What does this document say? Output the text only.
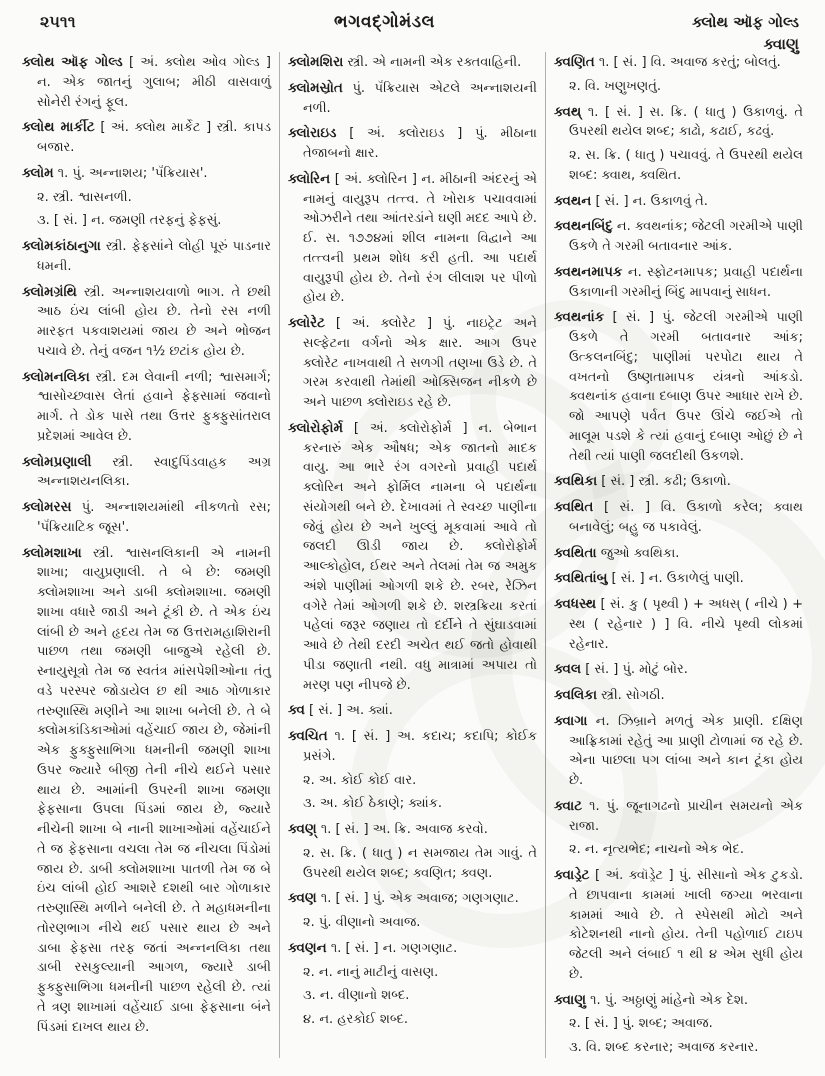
૨૫૧૧	ભગવદ્ગોમંડલ	ક્લોથ ઑફ ગોલ્ડ
ક્વાણુ

ક્લોથ ઑફ ગોલ્ડ [ અં. ક્લોથ ઓવ ગોલ્ડ ] ન. એક જાતનું ગુલાબ; મીઠી વાસવાળું સોનેરી રંગનું ફૂલ.

ક્લોથ માર્કીટ [ અં. ક્લોથ માર્કેટ ] સ્ત્રી. કાપડ બજાર.

ક્લોમ ૧. પું. અન્નાશય; 'પૅંક્રિયાસ'.

૨. સ્ત્રી. શ્વાસનળી.

૩. [ સં. ] ન. જમણી તરફનું ફેફસું.

ક્લોમકાંઠાનુગા સ્ત્રી. ફેફસાંને લોહી પૂરું પાડનાર ધમની.

ક્લોમગ્રંથિ સ્ત્રી. અન્નાશયવાળો ભાગ. તે છથી આઠ ઇંચ લાંબી હોય છે. તેનો રસ નળી મારફત પકવાશયમાં જાય છે અને ભોજન પચાવે છે. તેનું વજન ૧½ છટાંક હોય છે.

ક્લોમનલિકા સ્ત્રી. દમ લેવાની નળી; શ્વાસમાર્ગ; શ્વાસોચ્છ્વાસ લેતાં હવાને ફેફસામાં જવાનો માર્ગ. તે ડોક પાસે તથા ઉત્તર ફુક્ફુસાંતરાલ પ્રદેશમાં આવેલ છે.

ક્લોમપ્રણાલી સ્ત્રી. સ્વાદુપિંડવાહક અગ્ર અન્નાશયનલિકા.

ક્લોમરસ પું. અન્નાશયમાંથી નીકળતો રસ; 'પૅંક્રિયાટિક જૂસ'.

ક્લોમશાખા સ્ત્રી. શ્વાસનલિકાની એ નામની શાખા; વાયુપ્રણાલી. તે બે છે: જમણી ક્લોમશાખા અને ડાબી ક્લોમશાખા. જમણી શાખા વધારે જાડી અને ટૂંકી છે. તે એક ઇંચ લાંબી છે અને હૃદય તેમ જ ઉત્તરામહાશિરાની પાછળ તથા જમણી બાજુએ રહેલી છે. સ્નાયુસૂત્રો તેમ જ સ્વતંત્ર માંસપેશીઓના તંતુ વડે પરસ્પર જોડાયેલ છ થી આઠ ગોળાકાર તરુણાસ્થિ મણીને આ શાખા બનેલી છે. તે બે ક્લોમકાંડિકાઓમાં વહેંચાઈ જાય છે, જેમાંની એક ફુક્ફુસાભિગા ધમનીની જમણી શાખા ઉપર જ્યારે બીજી તેની નીચે થઈને પસાર થાય છે. આમાંની ઉપરની શાખા જમણા ફેફસાના ઉપલા પિંડમાં જાય છે, જ્યારે નીચેની શાખા બે નાની શાખાઓમાં વહેંચાઈને તે જ ફેફસાના વચલા તેમ જ નીચલા પિંડોમાં જાય છે. ડાબી ક્લોમશાખા પાતળી તેમ જ બે ઇંચ લાંબી હોઈ આશરે દશથી બાર ગોળાકાર તરુણાસ્થિ મળીને બનેલી છે. તે મહાધમનીના તોરણભાગ નીચે થઈ પસાર થાય છે અને ડાબા ફેફસા તરફ જતાં અન્નનલિકા તથા ડાબી રસકુલ્યાની આગળ, જ્યારે ડાબી ફુક્ફુસાભિગા ધમનીની પાછળ રહેલી છે. ત્યાં તે ત્રણ શાખામાં વહેંચાઈ ડાબા ફેફસાના બંને પિંડમાં દાખલ થાય છે.

ક્લોમશિરા સ્ત્રી. એ નામની એક રક્તવાહિની.

ક્લોમસ્રોત પું. પૅંક્રિયાસ એટલે અન્નાશયની નળી.

ક્લોરાઇડ [ અં. ક્લોરાઇડ ] પું. મીઠાના તેજાબનો ક્ષાર.

ક્લોરિન [ અં. ક્લોરિન ] ન. મીઠાની અંદરનું એ નામનું વાયુરૂપ તત્ત્વ. તે ખોરાક પચાવવામાં ઓઝરીને તથા આંતરડાંને ઘણી મદદ આપે છે. ઈ. સ. ૧૭૭૪માં શીલ નામના વિદ્વાને આ તત્ત્વની પ્રથમ શોધ કરી હતી. આ પદાર્થ વાયુરૂપી હોય છે. તેનો રંગ લીલાશ પર પીળો હોય છે.

ક્લોરેટ [ અં. ક્લોરેટ ] પું. નાઇટ્રેટ અને સલ્ફેટના વર્ગનો એક ક્ષાર. આગ ઉપર ક્લોરેટ નાખવાથી તે સળગી તણખા ઉડે છે. તે ગરમ કરવાથી તેમાંથી ઓક્સિજન નીકળે છે અને પાછળ ક્લોરાઇડ રહે છે.

ક્લોરોફોર્મ [ અં. ક્લોરોફોર્મ ] ન. બેભાન કરનારું એક ઔષધ; એક જાતનો માદક વાયુ. આ ભારે રંગ વગરનો પ્રવાહી પદાર્થ ક્લોરિન અને ફોર્મિલ નામના બે પદાર્થના સંયોગથી બને છે. દેખાવમાં તે સ્વચ્છ પાણીના જેવું હોય છે અને ખુલ્લું મૂકવામાં આવે તો જલદી ઊડી જાય છે. ક્લોરોફોર્મ આલ્કોહોલ, ઈથર અને તેલમાં તેમ જ અમુક અંશે પાણીમાં ઓગળી શકે છે. રબર, રેઝિન વગેરે તેમાં ઓગળી શકે છે. શસ્ત્રક્રિયા કરતાં પહેલાં જરૂર જણાય તો દર્દીને તે સુંઘાડવામાં આવે છે તેથી દરદી અચેત થઈ જતો હોવાથી પીડા જણાતી નથી. વધુ માત્રામાં અપાય તો મરણ પણ નીપજે છે.

ક્વ [ સં. ] અ. ક્યાં.

ક્વચિત ૧. [ સં. ] અ. કદાચ; કદાપિ; કોઈક પ્રસંગે.

૨. અ. કોઈ કોઈ વાર.

૩. અ. કોઈ ઠેકાણે; ક્યાંક.

ક્વણ્ ૧. [ સં. ] અ. ક્રિ. અવાજ કરવો.

૨. સ. ક્રિ. ( ધાતુ ) ન સમજાય તેમ ગાવું. તે ઉપરથી થયેલ શબ્દ; ક્વણિત; ક્વણ.

ક્વણ ૧. [ સં. ] પું. એક અવાજ; ગણગણાટ.

૨. પું. વીણાનો અવાજ.

ક્વણન ૧. [ સં. ] ન. ગણગણાટ.

૨. ન. નાનું માટીનું વાસણ.

૩. ન. વીણાનો શબ્દ.

૪. ન. હરકોઈ શબ્દ.

ક્વણિત ૧. [ સં. ] વિ. અવાજ કરતું; બોલતું.

૨. વિ. ખણુખણતું.

ક્વથ્ ૧. [ સં. ] સ. ક્રિ. ( ધાતુ ) ઉકાળવું. તે ઉપરથી થયેલ શબ્દ; કાઢો, કઢાઈ, કઢવું.

૨. સ. ક્રિ. ( ધાતુ ) પચાવવું. તે ઉપરથી થયેલ શબ્દ: ક્વાથ, ક્વથિત.

ક્વથન [ સં. ] ન. ઉકાળવું તે.

ક્વથનબિંદુ ન. ક્વથનાંક; જેટલી ગરમીએ પાણી ઉકળે તે ગરમી બતાવનાર આંક.

ક્વથનમાપક ન. સ્ફોટનમાપક; પ્રવાહી પદાર્થના ઉકાળાની ગરમીનું બિંદુ માપવાનું સાધન.

ક્વથનાંક [ સં. ] પું. જેટલી ગરમીએ પાણી ઉકળે તે ગરમી બતાવનાર આંક; ઉત્કલનબિંદુ; પાણીમાં પરપોટા થાય તે વખતનો ઉષ્ણતામાપક યંત્રનો આંકડો. ક્વથનાંક હવાના દબાણ ઉપર આધાર રાખે છે. જો આપણે પર્વત ઉપર ઊંચે જઈએ તો માલૂમ પડશે કે ત્યાં હવાનું દબાણ ઓછું છે ને તેથી ત્યાં પાણી જલદીથી ઉકળશે.

ક્વથિકા [ સં. ] સ્ત્રી. કઢી; ઉકાળો.

ક્વથિત [ સં. ] વિ. ઉકાળો કરેલ; ક્વાથ બનાવેલું; બહુ જ પકાવેલું.

ક્વથિતા જુઓ ક્વથિકા.

ક્વથિતાંબુ [ સં. ] ન. ઉકાળેલું પાણી.

ક્વધસ્થ [ સં. કુ ( પૃથ્વી ) + અધસ્ ( નીચે ) + સ્થ ( રહેનાર ) ] વિ. નીચે પૃથ્વી લોકમાં રહેનાર.

ક્વલ [ સં. ] પું. મોટું બોર.

ક્વલિકા સ્ત્રી. સોગઠી.

ક્વાગા ન. ઝિબ્રાને મળતું એક પ્રાણી. દક્ષિણ આફ્રિકામાં રહેતું આ પ્રાણી ટોળામાં જ રહે છે. એના પાછલા પગ લાંબા અને કાન ટૂંકા હોય છે.

ક્વાટ ૧. પું. જૂનાગઢનો પ્રાચીન સમયનો એક રાજા.

૨. ન. નૃત્યભેદ; નાચનો એક ભેદ.

ક્વાડ્રેટ [ અં. ક્વૉડ્રેટ ] પું. સીસાનો એક ટુકડો. તે છાપવાના કામમાં ખાલી જગ્યા ભરવાના કામમાં આવે છે. તે સ્પેસથી મોટો અને કોટેશનથી નાનો હોય. તેની પહોળાઈ ટાઇપ જેટલી અને લંબાઈ ૧ થી ૪ એમ સુધી હોય છે.

ક્વાણુ ૧. પું. અઠ્ઠાણું માંહેનો એક દેશ.

૨. [ સં. ] પું. શબ્દ; અવાજ.

૩. વિ. શબ્દ કરનાર; અવાજ કરનાર.
